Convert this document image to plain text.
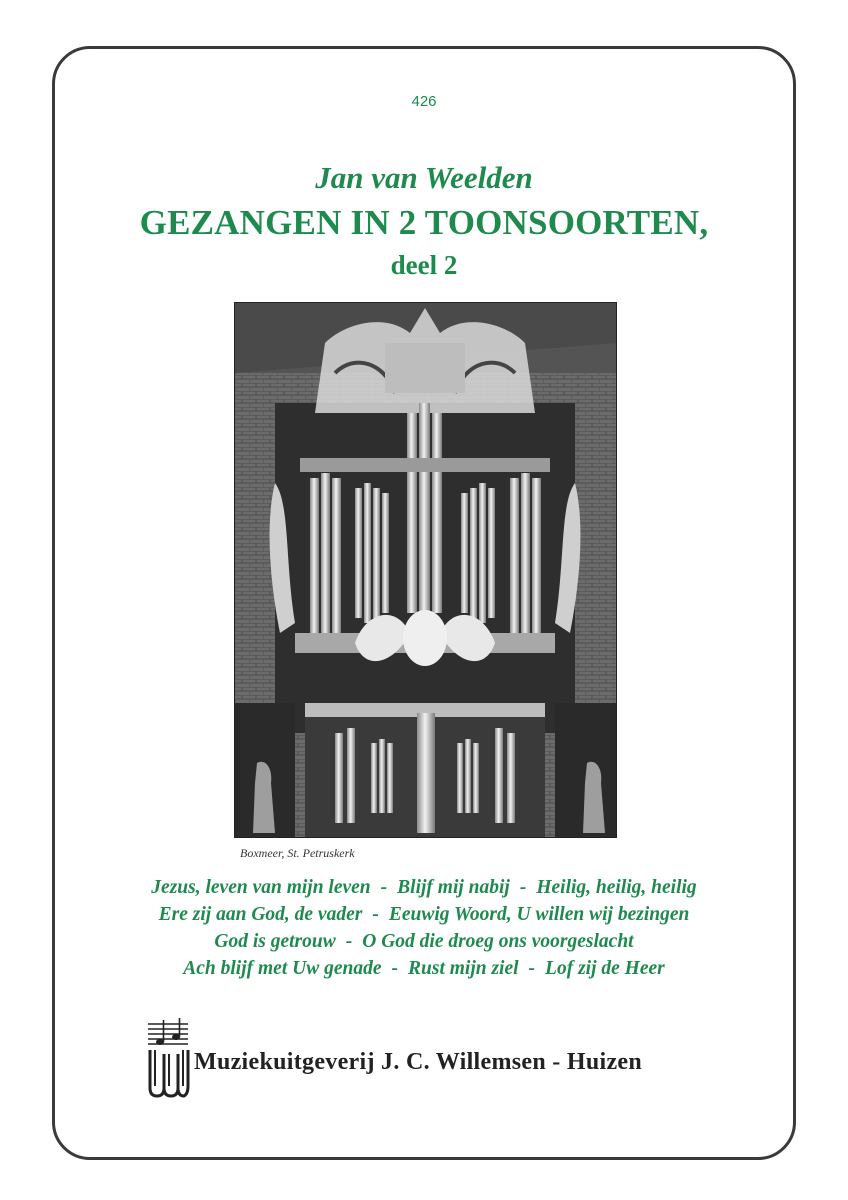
426
Jan van Weelden
GEZANGEN IN 2 TOONSOORTEN,
deel 2
Boxmeer, St. Petruskerk
Jezus, leven van mijn leven - Blijf mij nabij - Heilig, heilig, heilig
Ere zij aan God, de vader - Eeuwig Woord, U willen wij bezingen
God is getrouw - O God die droeg ons voorgeslacht
Ach blijf met Uw genade - Rust mijn ziel - Lof zij de Heer
Muziekuitgeverij J. C. Willemsen - Huizen
